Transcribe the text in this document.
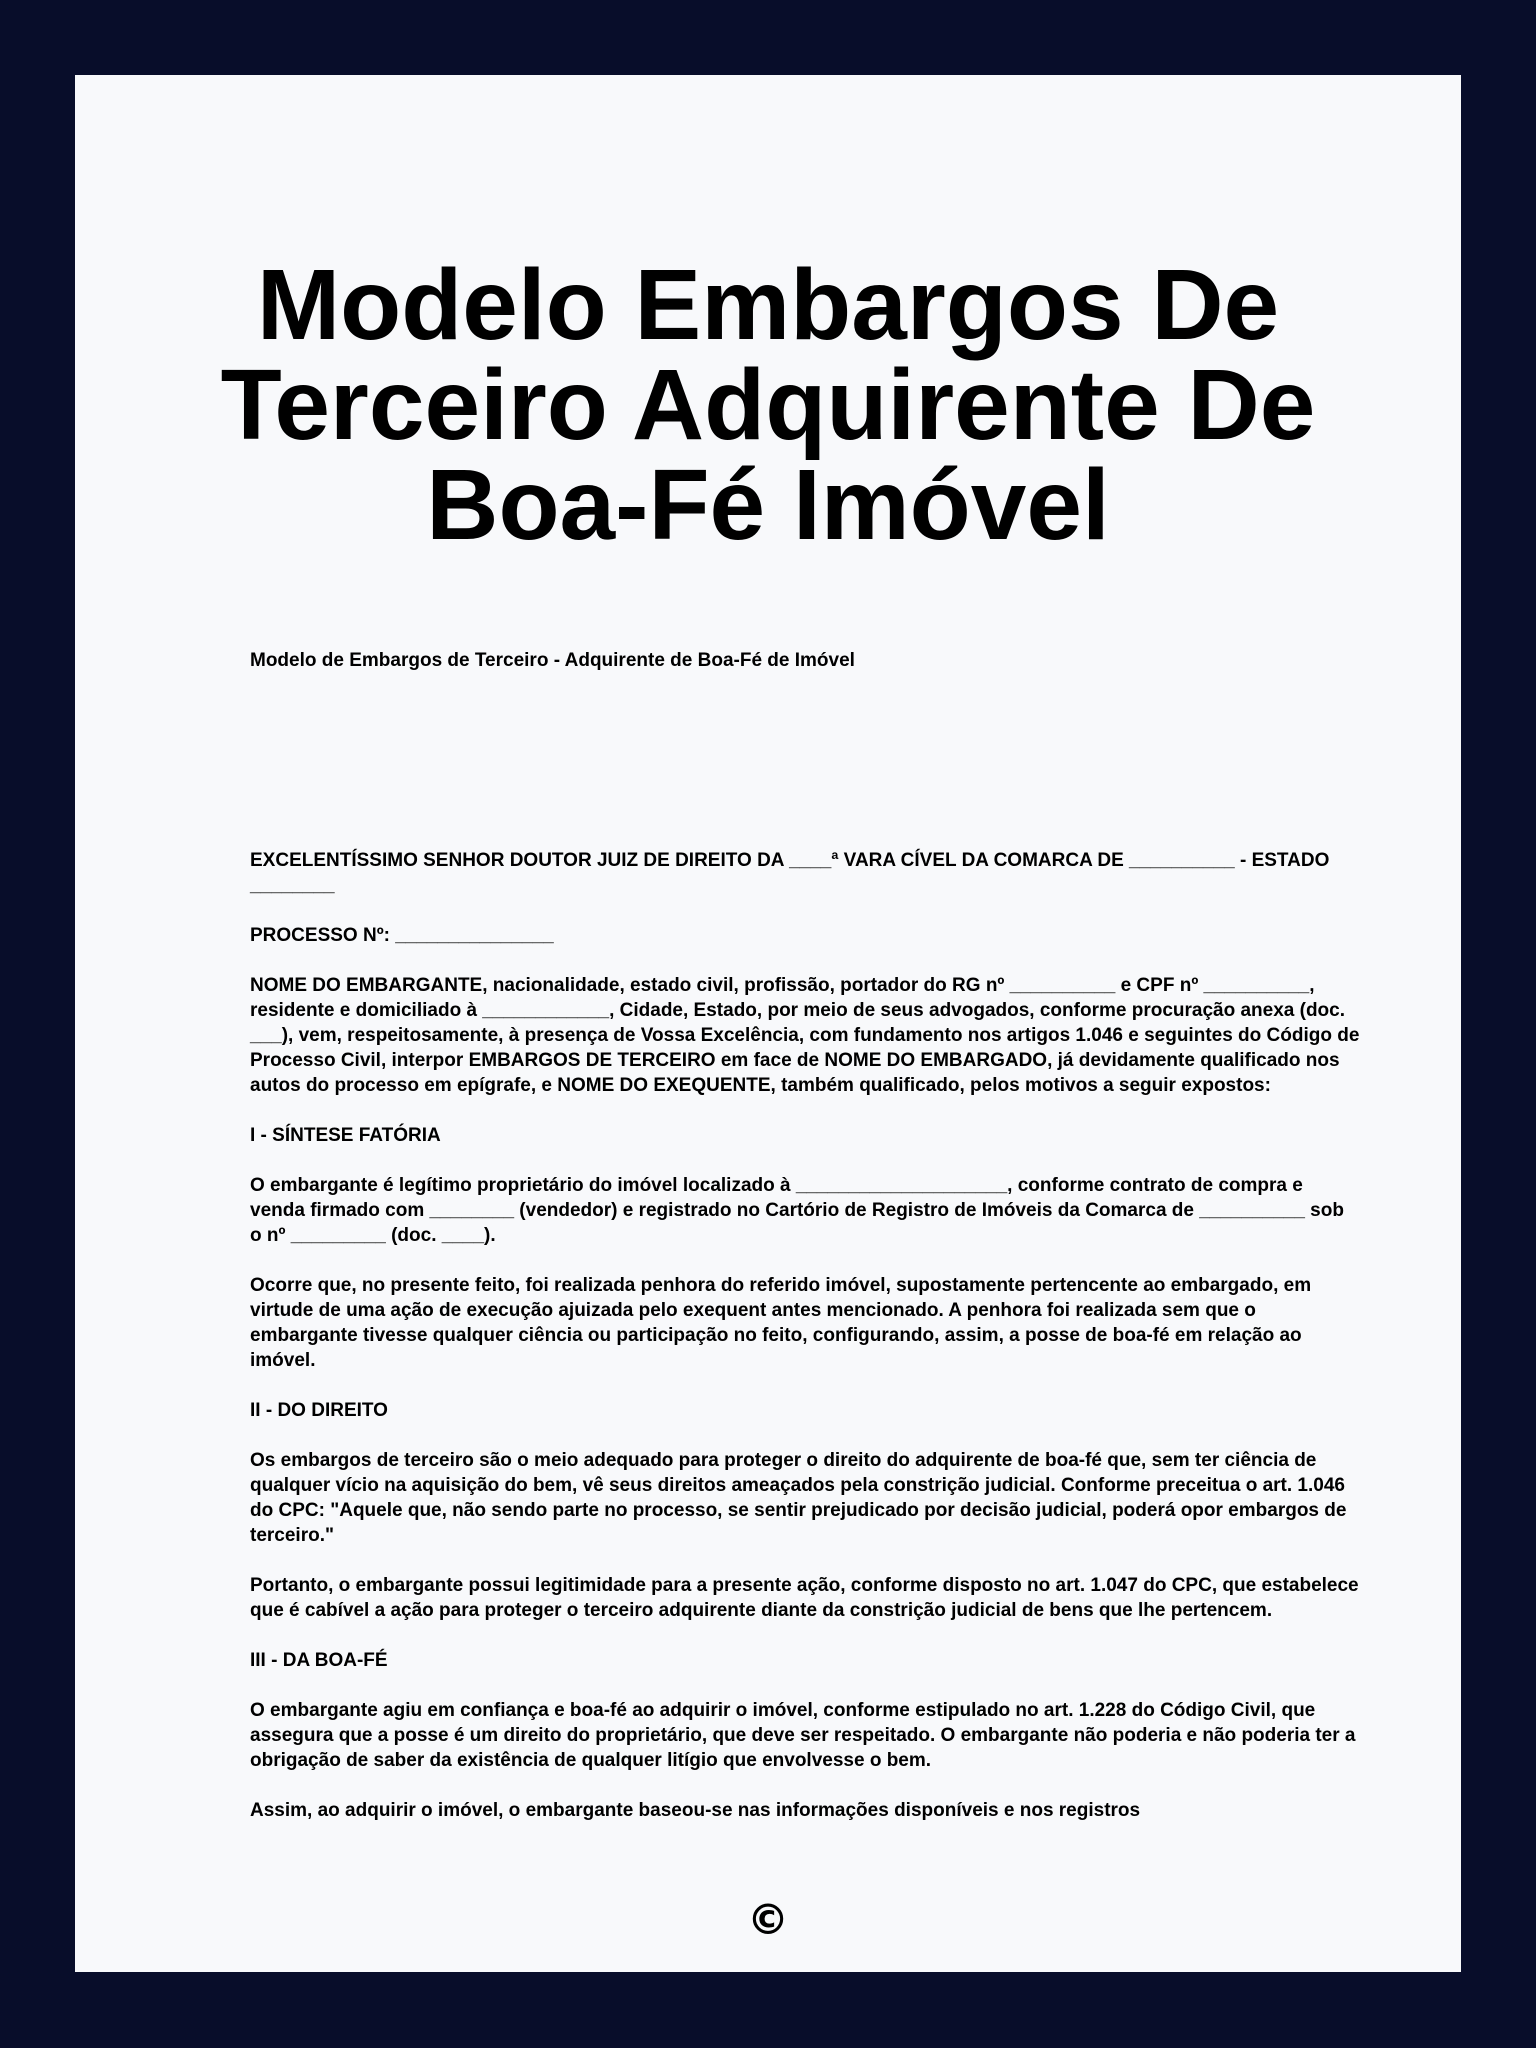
Modelo Embargos De Terceiro Adquirente De Boa-Fé Imóvel

Modelo de Embargos de Terceiro - Adquirente de Boa-Fé de Imóvel

EXCELENTÍSSIMO SENHOR DOUTOR JUIZ DE DIREITO DA ____ª VARA CÍVEL DA COMARCA DE __________ - ESTADO ________

PROCESSO Nº: _______________

NOME DO EMBARGANTE, nacionalidade, estado civil, profissão, portador do RG nº __________ e CPF nº __________, residente e domiciliado à ____________, Cidade, Estado, por meio de seus advogados, conforme procuração anexa (doc. ___), vem, respeitosamente, à presença de Vossa Excelência, com fundamento nos artigos 1.046 e seguintes do Código de Processo Civil, interpor EMBARGOS DE TERCEIRO em face de NOME DO EMBARGADO, já devidamente qualificado nos autos do processo em epígrafe, e NOME DO EXEQUENTE, também qualificado, pelos motivos a seguir expostos:

I - SÍNTESE FATÓRIA

O embargante é legítimo proprietário do imóvel localizado à ____________________, conforme contrato de compra e venda firmado com ________ (vendedor) e registrado no Cartório de Registro de Imóveis da Comarca de __________ sob o nº _________ (doc. ____).

Ocorre que, no presente feito, foi realizada penhora do referido imóvel, supostamente pertencente ao embargado, em virtude de uma ação de execução ajuizada pelo exequent antes mencionado. A penhora foi realizada sem que o embargante tivesse qualquer ciência ou participação no feito, configurando, assim, a posse de boa-fé em relação ao imóvel.

II - DO DIREITO

Os embargos de terceiro são o meio adequado para proteger o direito do adquirente de boa-fé que, sem ter ciência de qualquer vício na aquisição do bem, vê seus direitos ameaçados pela constrição judicial. Conforme preceitua o art. 1.046 do CPC: "Aquele que, não sendo parte no processo, se sentir prejudicado por decisão judicial, poderá opor embargos de terceiro."

Portanto, o embargante possui legitimidade para a presente ação, conforme disposto no art. 1.047 do CPC, que estabelece que é cabível a ação para proteger o terceiro adquirente diante da constrição judicial de bens que lhe pertencem.

III - DA BOA-FÉ

O embargante agiu em confiança e boa-fé ao adquirir o imóvel, conforme estipulado no art. 1.228 do Código Civil, que assegura que a posse é um direito do proprietário, que deve ser respeitado. O embargante não poderia e não poderia ter a obrigação de saber da existência de qualquer litígio que envolvesse o bem.

Assim, ao adquirir o imóvel, o embargante baseou-se nas informações disponíveis e nos registros

©
